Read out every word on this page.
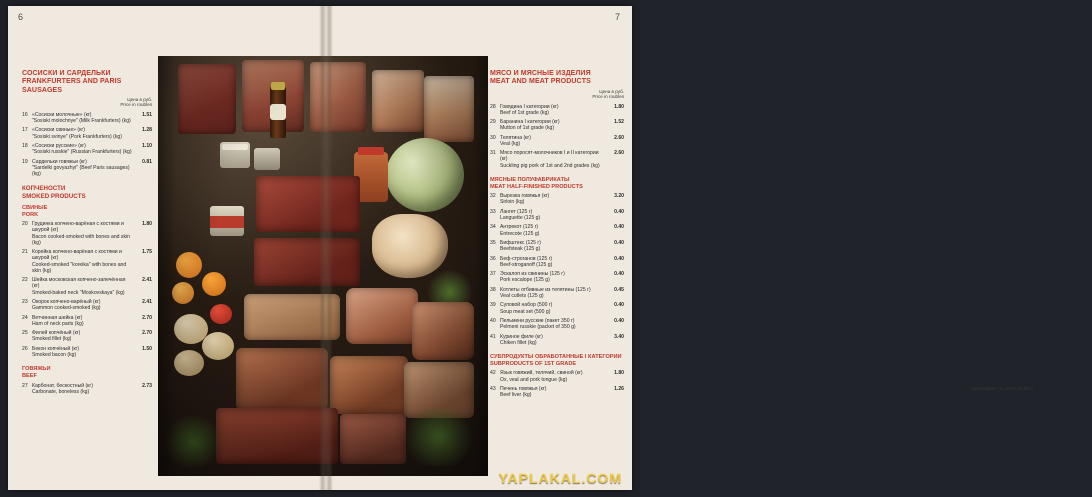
6	7
СОСИСКИ И САРДЕЛЬКИ
FRANKFURTERS AND PARIS SAUSAGES
Цена в руб.
Price in roubles
16	«Сосиски молочные» (кг)
"Sosiski molochnye" (Milk Frankfurters) (kg)	1.51
17	«Сосиски свиные» (кг)
"Sosiski svinye" (Pork Frankfurters) (kg)	1.28
18	«Сосиски русские» (кг)
"Sosiski russkie" (Russian Frankfurters) (kg)	1.10
19	Сардельки говяжьи (кг)
"Sardelki govyazhyi" (Beef Paris sausages) (kg)	0.81
КОПЧЕНОСТИ
SMOKED PRODUCTS
СВИНЫЕ
PORK
20	Грудинка копчено-варёная с костями и шкурой (кг)
Bacon cooked-smoked with bones and skin (kg)	1.80
21	Корейка копчено-варёная с костями и шкурой (кг)
Cooked-smoked "koreika" with bones and skin (kg)	1.75
22	Шейка московская копчено-запечённая (кг)
Smoked-baked neck "Moskovskaya" (kg)	2.41
23	Окорок копчено-варёный (кг)
Gammon cooked-smoked (kg)	2.41
24	Ветчинная шейка (кг)
Ham of neck parts (kg)	2.70
25	Филей копчёный (кг)
Smoked fillet (kg)	2.70
26	Бекон копчёный (кг)
Smoked bacon (kg)	1.50
ГОВЯЖЬИ
BEEF
27	Карбонат, бескостный (кг)
Carbonate, boneless (kg)
	2.73
МЯСО И МЯСНЫЕ ИЗДЕЛИЯ
MEAT AND MEAT PRODUCTS
Цена в руб.
Price in roubles
28	Говядина I категории (кг)
Beef of 1st grade (kg)	1.80
29	Баранина I категории (кг)
Mutton of 1st grade (kg)	1.52
30	Телятина (кг)
Veal (kg)	2.60
31	Мясо поросят-молочников I и II категории (кг)
Suckling pig pork of 1st and 2nd grades (kg)	2.60
МЯСНЫЕ ПОЛУФАБРИКАТЫ
MEAT HALF-FINISHED PRODUCTS
32	Вырезка говяжья (кг)
Sirloin (kg)	3.20
33	Лангет (125 г)
Languette (125 g)	0.40
34	Антрекот (125 г)
Entrecote (125 g)	0.40
35	Бифштекс (125 г)
Beefsteak (125 g)	0.40
36	Беф-строганов (125 г)
Beef-stroganoff (125 g)	0.40
37	Эскалоп из свинины (125 г)
Pork escalope (125 g)	0.40
38	Котлеты отбивные из телятины (125 г)
Veal cutlets (125 g)	0.45
39	Суповой набор (500 г)
Soup meat set (500 g)	0.40
40	Пельмени русские (пакет 350 г)
Pelmeni russkie (packet of 350 g)	0.40
41	Куриное филе (кг)
Chiken fillet (kg)	3.40
СУБПРОДУКТЫ ОБРАБОТАННЫЕ I КАТЕГОРИИ
SUBPRODUCTS OF 1ST GRADE
42	Язык говяжий, телячий, свиной (кг)
Ox, veal and pork tongue (kg)	1.80
43	Печень говяжья (кг)
Beef liver (kg)	1.26	Прейскурант № 1 Price list No 1
YAPLAKAL.COM
